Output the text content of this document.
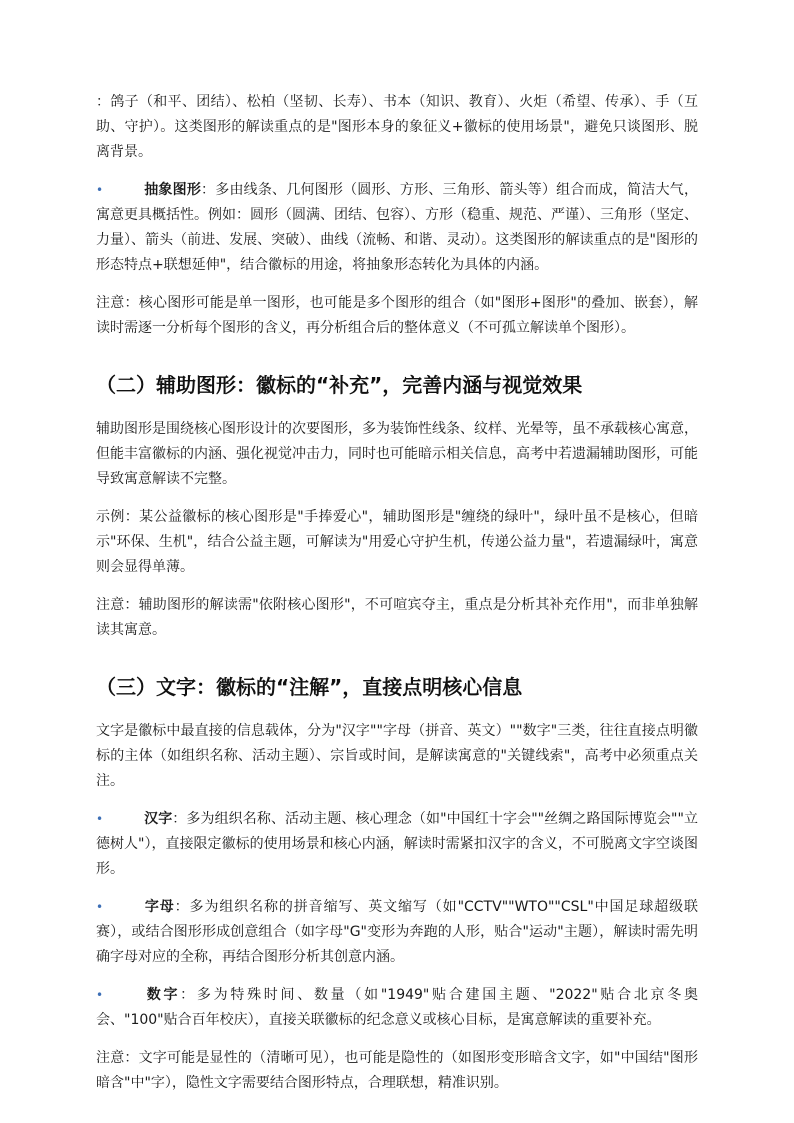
：鸽子（和平、团结）、松柏（坚韧、长寿）、书本（知识、教育）、火炬（希望、传承）、手（互助、守护）。这类图形的解读重点的是"图形本身的象征义+徽标的使用场景"，避免只谈图形、脱离背景。

•	抽象图形：多由线条、几何图形（圆形、方形、三角形、箭头等）组合而成，简洁大气，寓意更具概括性。例如：圆形（圆满、团结、包容）、方形（稳重、规范、严谨）、三角形（坚定、力量）、箭头（前进、发展、突破）、曲线（流畅、和谐、灵动）。这类图形的解读重点的是"图形的形态特点+联想延伸"，结合徽标的用途，将抽象形态转化为具体的内涵。

注意：核心图形可能是单一图形，也可能是多个图形的组合（如"图形+图形"的叠加、嵌套），解读时需逐一分析每个图形的含义，再分析组合后的整体意义（不可孤立解读单个图形）。

（二）辅助图形：徽标的“补充”，完善内涵与视觉效果

辅助图形是围绕核心图形设计的次要图形，多为装饰性线条、纹样、光晕等，虽不承载核心寓意，但能丰富徽标的内涵、强化视觉冲击力，同时也可能暗示相关信息，高考中若遗漏辅助图形，可能导致寓意解读不完整。

示例：某公益徽标的核心图形是"手捧爱心"，辅助图形是"缠绕的绿叶"，绿叶虽不是核心，但暗示"环保、生机"，结合公益主题，可解读为"用爱心守护生机，传递公益力量"，若遗漏绿叶，寓意则会显得单薄。

注意：辅助图形的解读需"依附核心图形"，不可喧宾夺主，重点是分析其补充作用"，而非单独解读其寓意。

（三）文字：徽标的“注解”，直接点明核心信息

文字是徽标中最直接的信息载体，分为"汉字""字母（拼音、英文）""数字"三类，往往直接点明徽标的主体（如组织名称、活动主题）、宗旨或时间，是解读寓意的"关键线索"，高考中必须重点关注。

•	汉字：多为组织名称、活动主题、核心理念（如"中国红十字会""丝绸之路国际博览会""立德树人"），直接限定徽标的使用场景和核心内涵，解读时需紧扣汉字的含义，不可脱离文字空谈图形。
•	字母：多为组织名称的拼音缩写、英文缩写（如"CCTV""WTO""CSL"中国足球超级联赛），或结合图形形成创意组合（如字母"G"变形为奔跑的人形，贴合"运动"主题），解读时需先明确字母对应的全称，再结合图形分析其创意内涵。
•	数字：多为特殊时间、数量（如"1949"贴合建国主题、"2022"贴合北京冬奥会、"100"贴合百年校庆），直接关联徽标的纪念意义或核心目标，是寓意解读的重要补充。

注意：文字可能是显性的（清晰可见），也可能是隐性的（如图形变形暗含文字，如"中国结"图形暗含"中"字），隐性文字需要结合图形特点，合理联想，精准识别。
